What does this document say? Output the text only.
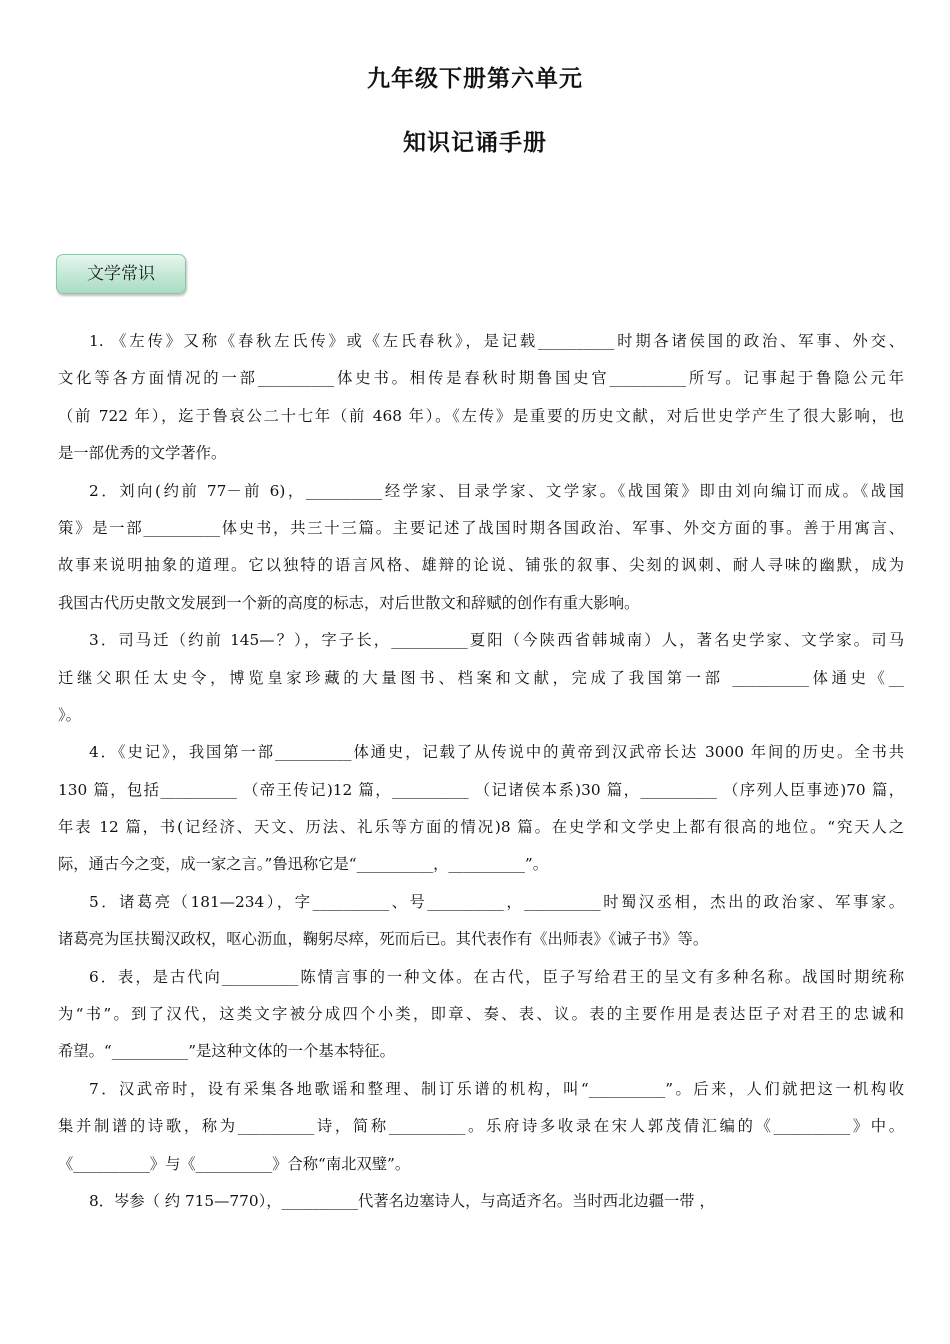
九年级下册第六单元
知识记诵手册
文学常识
1. 《左传》又称《春秋左氏传》或《左氏春秋》，是记载__________时期各诸侯国的政治、军事、外交、
文化等各方面情况的一部__________体史书。相传是春秋时期鲁国史官__________所写。记事起于鲁隐公元年
（前 722 年），迄于鲁哀公二十七年（前 468 年）。《左传》是重要的历史文献，对后世史学产生了很大影响，也
是一部优秀的文学著作。
2．刘向(约前 77－前 6)，__________经学家、目录学家、文学家。《战国策》即由刘向编订而成。《战国
策》是一部__________体史书，共三十三篇。主要记述了战国时期各国政治、军事、外交方面的事。善于用寓言、
故事来说明抽象的道理。它以独特的语言风格、雄辩的论说、铺张的叙事、尖刻的讽刺、耐人寻味的幽默，成为
我国古代历史散文发展到一个新的高度的标志，对后世散文和辞赋的创作有重大影响。
3．司马迁（约前 145—？），字子长，__________夏阳（今陕西省韩城南）人，著名史学家、文学家。司马
迁继父职任太史令，博览皇家珍藏的大量图书、档案和文献，完成了我国第一部 __________体通史《__
》。
4．《史记》，我国第一部__________体通史，记载了从传说中的黄帝到汉武帝长达 3000 年间的历史。全书共
130 篇，包括__________ （帝王传记)12 篇，__________ （记诸侯本系)30 篇，__________ （序列人臣事迹)70 篇，
年表 12 篇，书(记经济、天文、历法、礼乐等方面的情况)8 篇。在史学和文学史上都有很高的地位。“究天人之
际，通古今之变，成一家之言。”鲁迅称它是“__________，__________”。
5．诸葛亮（181—234），字__________、号__________，__________时蜀汉丞相，杰出的政治家、军事家。
诸葛亮为匡扶蜀汉政权，呕心沥血，鞠躬尽瘁，死而后已。其代表作有《出师表》《诫子书》等。
6．表，是古代向__________陈情言事的一种文体。在古代，臣子写给君王的呈文有多种名称。战国时期统称
为“书”。到了汉代，这类文字被分成四个小类，即章、奏、表、议。表的主要作用是表达臣子对君王的忠诚和
希望。“__________”是这种文体的一个基本特征。
7．汉武帝时，设有采集各地歌谣和整理、制订乐谱的机构，叫“__________”。后来，人们就把这一机构收
集并制谱的诗歌，称为__________诗，简称__________。乐府诗多收录在宋人郭茂倩汇编的《__________》中。
《__________》与《__________》合称“南北双璧”。
8．岑参（ 约 715—770），__________代著名边塞诗人，与高适齐名。当时西北边疆一带 ，
